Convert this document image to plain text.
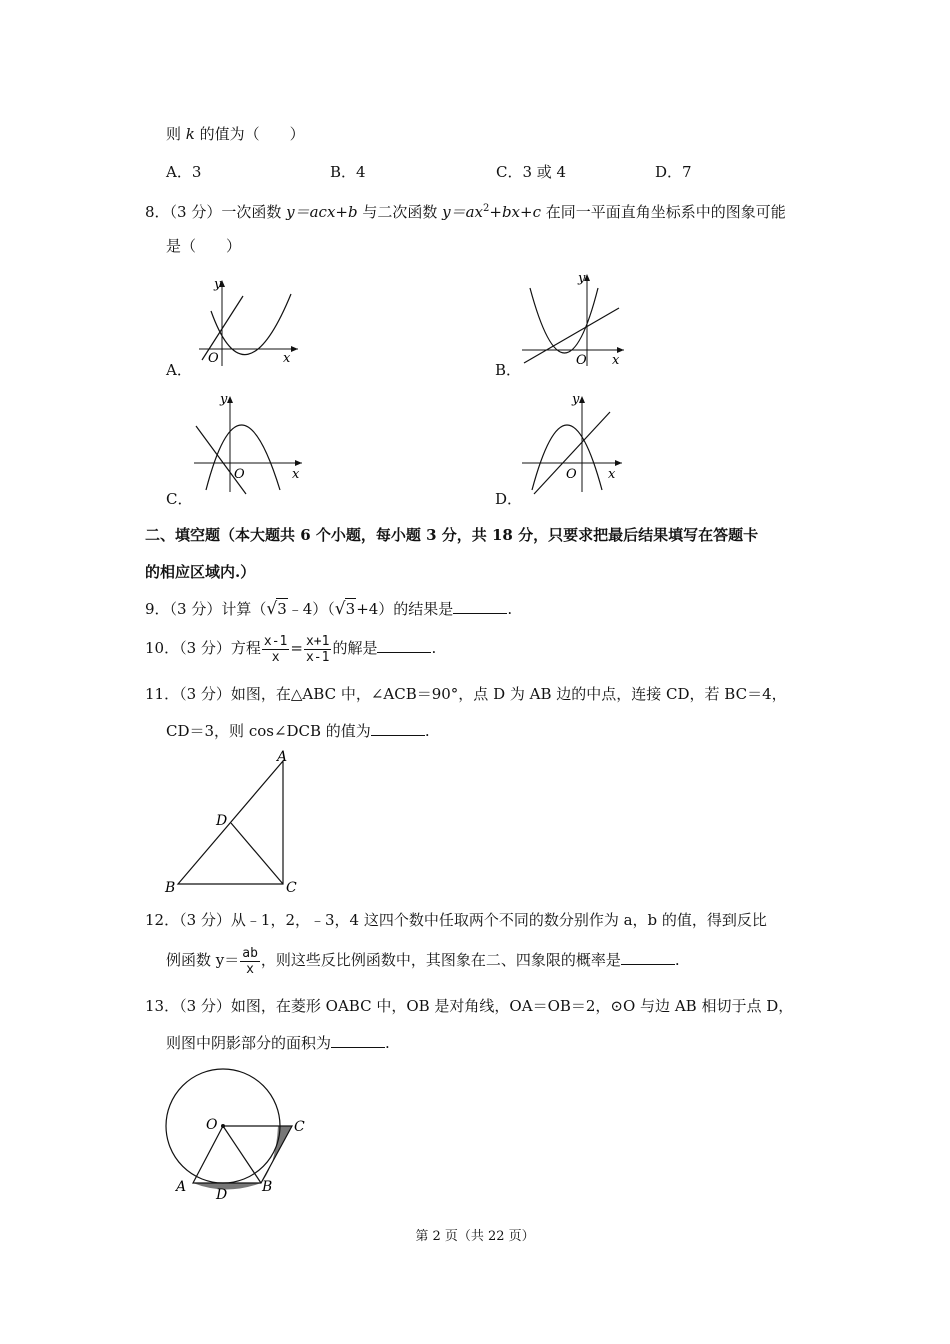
则 k 的值为（　　）
A．3	B．4	C．3 或 4	D．7
8．（3 分）一次函数 y＝acx+b 与二次函数 $y=ax^2+bx+c$ 在同一平面直角坐标系中的图象可能
是（　　）
y
O	x
A．
y
O x
B．
y
O	x
C．
y
O x
D．
二、填空题（本大题共 6 个小题，每小题 3 分，共 18 分，只要求把最后结果填写在答题卡
的相应区域内.）
9．（3 分）计算（√3﹣4）（√3+4）的结果是	.
10．（3 分）方程 $\frac{x-1}{x} = \frac{x+1}{x-1}$ 的解是	.
11．（3 分）如图，在△ABC 中，∠ACB＝90°，点 D 为 AB 边的中点，连接 CD，若 BC＝4，
CD＝3，则 cos∠DCB 的值为	.
A
B	C
D
12．（3 分）从﹣1，2，﹣3，4 这四个数中任取两个不同的数分别作为 a，b 的值，得到反比
例函数 $y= \frac{ab}{x}$ ，则这些反比例函数中，其图象在二、四象限的概率是	.
13．（3 分）如图，在菱形 OABC 中，OB 是对角线，OA＝OB＝2，⊙O 与边 AB 相切于点 D，
则图中阴影部分的面积为	.
O	C
A	B
D
第 2 页（共 22 页）
